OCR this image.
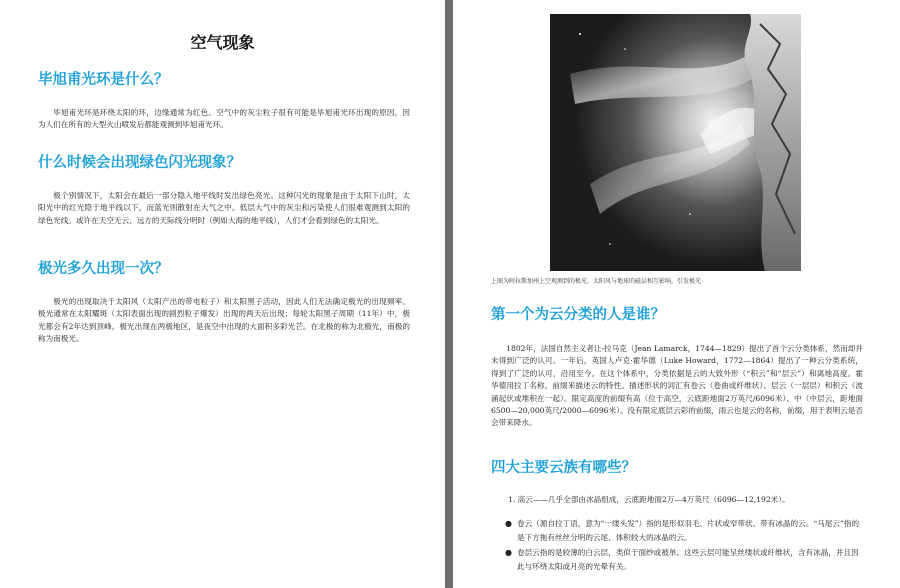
空气现象
毕旭甫光环是什么？
毕旭甫光环是环绕太阳的环，边缘通常为红色。空气中的灰尘粒子很有可能是毕旭甫光环出现的原因，因为人们在所有的大型火山喷发后都能观测到毕旭甫光环。
什么时候会出现绿色闪光现象？
极个别情况下，太阳会在最后一部分隐入地平线时发出绿色亮光。这种闪光的现象是由于太阳下山时，太阳光中的红光隐于地平线以下，而蓝光则散射在大气之中。低层大气中的灰尘和污染使人们很难观测到太阳的绿色光线。或许在天空无云、远方的天际线分明时（例如大海的地平线），人们才会看到绿色的太阳光。
极光多久出现一次？
极光的出现取决于太阳风（太阳产出的带电粒子）和太阳黑子活动，因此人们无法确定极光的出现频率。极光通常在太阳耀斑（太阳表面出现的剧烈粒子爆发）出现的两天后出现；每轮太阳黑子周期（11年）中，极光都会有2年达到顶峰。极光出现在两极地区，是夜空中出现的大面积多彩光芒。在北极的称为北极光，南极的称为南极光。
上图为阿拉斯加州上空观测到的极光。太阳风与地球的磁层相互影响，引发极光
第一个为云分类的人是谁？
1802年，法国自然主义者让-拉马克（Jean Lamarck，1744—1829）提出了首个云分类体系，然而却并未得到广泛的认可。一年后，英国人卢克·霍华德（Luke Howard，1772—1864）提出了一种云分类系统，得到了广泛的认可，沿用至今。在这个体系中，分类依据是云的大致外形（“积云”和“层云”）和离地高度。霍华德用拉丁名称，前缀来描述云的特性。描述形状的词汇有卷云（卷曲或纤维状）、层云（一层层）和积云（波涌起伏或堆积在一起）。限定高度的前缀有高（位于高空，云底距地面2万英尺/6096米）、中（中层云，距地面6500—20,000英尺/2000—6096米）。没有限定底层云彩的前缀，雨云也是云的名称，前缀，用于表明云是否会带来降水。
四大主要云族有哪些？
1. 高云——几乎全部由冰晶组成，云底距地面2万—4万英尺（6096—12,192米）。
● 卷云（源自拉丁语，意为“一缕头发”）指的是形似羽毛、片状或窄带状、带有冰晶的云。“马尾云”指的是下方拖有丝丝分明的云尾、体积较大的冰晶的云。
● 卷层云指的是较薄的白云层，类似于面纱或被单。这些云层可能呈丝缕状或纤维状，含有冰晶，并且因此与环绕太阳或月亮的光晕有关。
